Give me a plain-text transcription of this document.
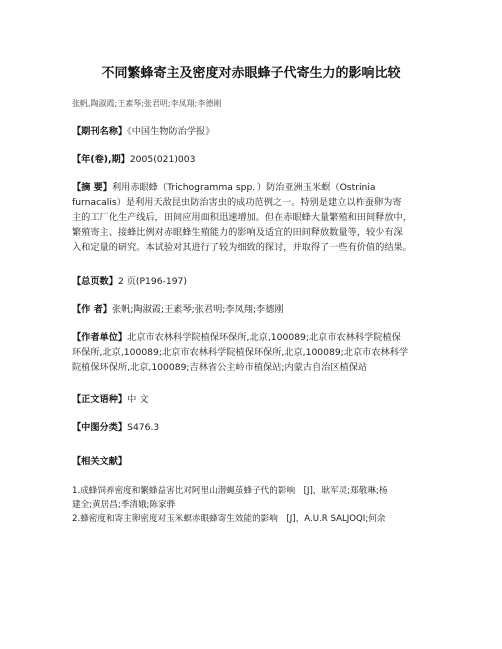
不同繁蜂寄主及密度对赤眼蜂子代寄生力的影响比较
张帆,陶淑霞;王素琴;张君明;李凤翔;李德刚
【期刊名称】《中国生物防治学报》
【年(卷),期】2005(021)003
【摘 要】利用赤眼蜂（Trichogramma spp．）防治亚洲玉米螟（Ostrinia
furnacalis）是利用天敌昆虫防治害虫的成功范例之一。特别是建立以柞蚕卵为寄
主的工厂化生产线后，田间应用面积迅速增加。但在赤眼蜂大量繁殖和田间释放中，
繁殖寄主、接蜂比例对赤眼蜂生殖能力的影响及适宜的田间释放数量等，较少有深
入和定量的研究。本试验对其进行了较为细致的探讨，并取得了一些有价值的结果。
【总页数】2 页(P196-197)
【作 者】张帆;陶淑霞;王素琴;张君明;李凤翔;李德刚
【作者单位】北京市农林科学院植保环保所,北京,100089;北京市农林科学院植保
环保所,北京,100089;北京市农林科学院植保环保所,北京,100089;北京市农林科学
院植保环保所,北京,100089;吉林省公主岭市植保站;内蒙古自治区植保站
【正文语种】中 文
【中图分类】S476.3
【相关文献】
1.成蜂饲养密度和繁蜂益害比对阿里山潜蝇茧蜂子代的影响　[J]，耿军灵;郑敬琳;杨
建全;黄居昌;季清娥;陈家骅
2.蜂密度和寄主卵密度对玉米螟赤眼蜂寄生效能的影响　[J]，A.U.R SALJOQI;何余
